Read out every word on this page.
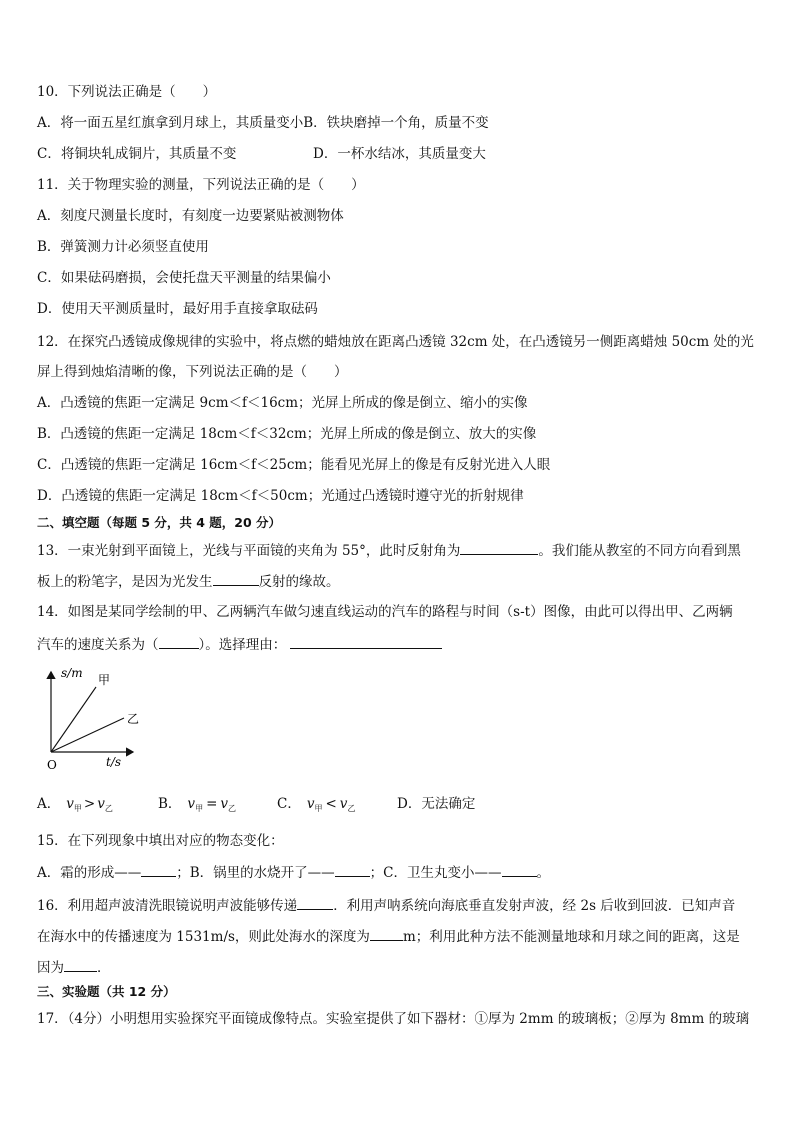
10．下列说法正确是（　　）
A．将一面五星红旗拿到月球上，其质量变小B．铁块磨掉一个角，质量不变
C．将铜块轧成铜片，其质量不变	D．一杯水结冰，其质量变大
11．关于物理实验的测量，下列说法正确的是（　　）
A．刻度尺测量长度时，有刻度一边要紧贴被测物体
B．弹簧测力计必须竖直使用
C．如果砝码磨损，会使托盘天平测量的结果偏小
D．使用天平测质量时，最好用手直接拿取砝码
12．在探究凸透镜成像规律的实验中，将点燃的蜡烛放在距离凸透镜 32cm 处，在凸透镜另一侧距离蜡烛 50cm 处的光
屏上得到烛焰清晰的像，下列说法正确的是（　　）
A．凸透镜的焦距一定满足 9cm＜f＜16cm；光屏上所成的像是倒立、缩小的实像
B．凸透镜的焦距一定满足 18cm＜f＜32cm；光屏上所成的像是倒立、放大的实像
C．凸透镜的焦距一定满足 16cm＜f＜25cm；能看见光屏上的像是有反射光进入人眼
D．凸透镜的焦距一定满足 18cm＜f＜50cm；光通过凸透镜时遵守光的折射规律
二、填空题（每题 5 分，共 4 题，20 分）
13．一束光射到平面镜上，光线与平面镜的夹角为 55°，此时反射角为	。我们能从教室的不同方向看到黑
板上的粉笔字，是因为光发生	反射的缘故。
14．如图是某同学绘制的甲、乙两辆汽车做匀速直线运动的汽车的路程与时间（s-t）图像，由此可以得出甲、乙两辆
汽车的速度关系为（	）。选择理由：
s/m 甲
乙
O	t/s
A． $v_甲 > v_乙$	B． $v_甲 = v_乙$	C． $v_甲 < v_乙$	D．无法确定
15．在下列现象中填出对应的物态变化：
A．霜的形成——	；B．锅里的水烧开了——	；C．卫生丸变小——	。
16．利用超声波清洗眼镜说明声波能够传递	．利用声呐系统向海底垂直发射声波，经 2s 后收到回波．已知声音
在海水中的传播速度为 1531m/s，则此处海水的深度为 m；利用此种方法不能测量地球和月球之间的距离，这是
因为 ．
三、实验题（共 12 分）
17．（4分）小明想用实验探究平面镜成像特点。实验室提供了如下器材：①厚为 2mm 的玻璃板；②厚为 8mm 的玻璃
